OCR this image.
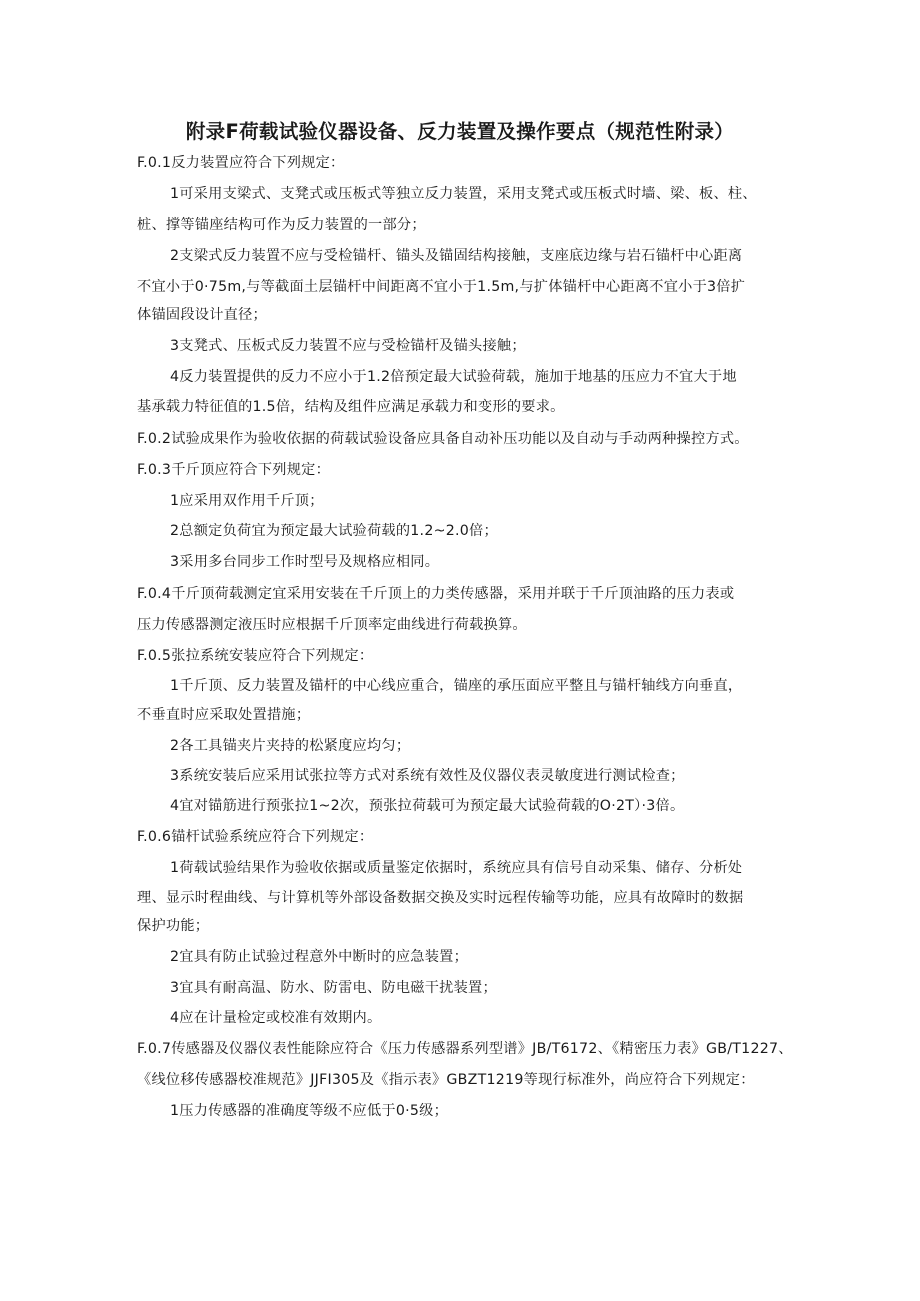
附录F荷载试验仪器设备、反力装置及操作要点（规范性附录）
F.0.1反力装置应符合下列规定：
1可采用支梁式、支凳式或压板式等独立反力装置，采用支凳式或压板式时墙、梁、板、柱、
桩、撑等锚座结构可作为反力装置的一部分；
2支梁式反力装置不应与受检锚杆、锚头及锚固结构接触，支座底边缘与岩石锚杆中心距离
不宜小于0·75m,与等截面土层锚杆中间距离不宜小于1.5m,与扩体锚杆中心距离不宜小于3倍扩
体锚固段设计直径；
3支凳式、压板式反力装置不应与受检锚杆及锚头接触；
4反力装置提供的反力不应小于1.2倍预定最大试验荷载，施加于地基的压应力不宜大于地
基承载力特征值的1.5倍，结构及组件应满足承载力和变形的要求。
F.0.2试验成果作为验收依据的荷载试验设备应具备自动补压功能以及自动与手动两种操控方式。
F.0.3千斤顶应符合下列规定：
1应采用双作用千斤顶；
2总额定负荷宜为预定最大试验荷载的1.2~2.0倍；
3采用多台同步工作时型号及规格应相同。
F.0.4千斤顶荷载测定宜采用安装在千斤顶上的力类传感器，采用并联于千斤顶油路的压力表或
压力传感器测定液压时应根据千斤顶率定曲线进行荷载换算。
F.0.5张拉系统安装应符合下列规定：
1千斤顶、反力装置及锚杆的中心线应重合，锚座的承压面应平整且与锚杆轴线方向垂直，
不垂直时应采取处置措施；
2各工具锚夹片夹持的松紧度应均匀；
3系统安装后应采用试张拉等方式对系统有效性及仪器仪表灵敏度进行测试检查；
4宜对锚筋进行预张拉1~2次，预张拉荷载可为预定最大试验荷载的O·2T）·3倍。
F.0.6锚杆试验系统应符合下列规定：
1荷载试验结果作为验收依据或质量鉴定依据时，系统应具有信号自动采集、储存、分析处
理、显示时程曲线、与计算机等外部设备数据交换及实时远程传输等功能，应具有故障时的数据
保护功能；
2宜具有防止试验过程意外中断时的应急装置；
3宜具有耐高温、防水、防雷电、防电磁干扰装置；
4应在计量检定或校准有效期内。
F.0.7传感器及仪器仪表性能除应符合《压力传感器系列型谱》JB/T6172、《精密压力表》GB/T1227、
《线位移传感器校准规范》JJFI305及《指示表》GBZT1219等现行标准外，尚应符合下列规定：
1压力传感器的准确度等级不应低于0·5级；
